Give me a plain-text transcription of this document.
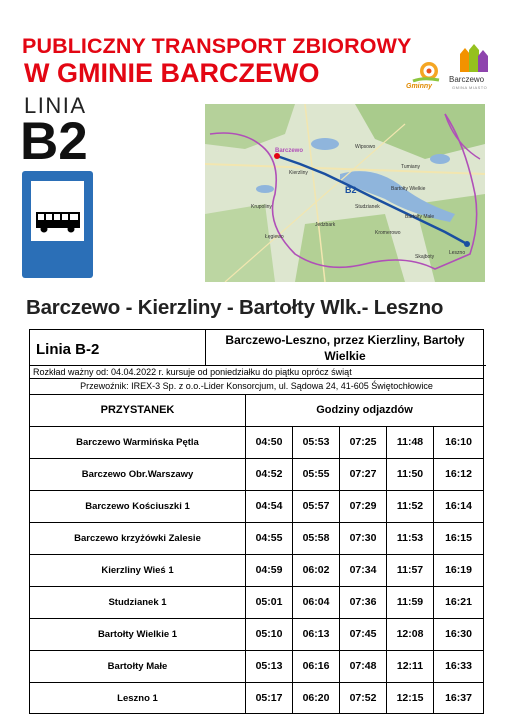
PUBLICZNY TRANSPORT ZBIOROWY
W GMINIE BARCZEWO	Gminny
Barczewo
GMINA MIASTO
LINIA
B2
B2
Barczewo
Kierzliny
Studzianek
Bartołty Wielkie
Leszno
Wipsowo
Jedzbark
Krupoliny
Tumiany
Kromerowo
Łęgiewo
Bartołty Małe
Skajboty
Barczewo - Kierzliny - Bartołty Wlk.- Leszno
Linia B-2
Barczewo-Leszno, przez Kierzliny, Bartoły Wielkie
Rozkład ważny od: 04.04.2022 r. kursuje od poniedziałku do piątku oprócz świąt
Przewoźnik: IREX-3 Sp. z o.o.-Lider Konsorcjum, ul. Sądowa 24, 41-605 Świętochłowice
PRZYSTANEK	Godziny odjazdów
Barczewo Warmińska Pętla	04:50	05:53	07:25	11:48	16:10
Barczewo Obr.Warszawy	04:52	05:55	07:27	11:50	16:12
Barczewo Kościuszki 1	04:54	05:57	07:29	11:52	16:14
Barczewo krzyżówki Zalesie	04:55	05:58	07:30	11:53	16:15
Kierzliny Wieś 1	04:59	06:02	07:34	11:57	16:19
Studzianek 1	05:01	06:04	07:36	11:59	16:21
Bartołty Wielkie 1	05:10	06:13	07:45	12:08	16:30
Bartołty Małe	05:13	06:16	07:48	12:11	16:33
Leszno 1	05:17	06:20	07:52	12:15	16:37
